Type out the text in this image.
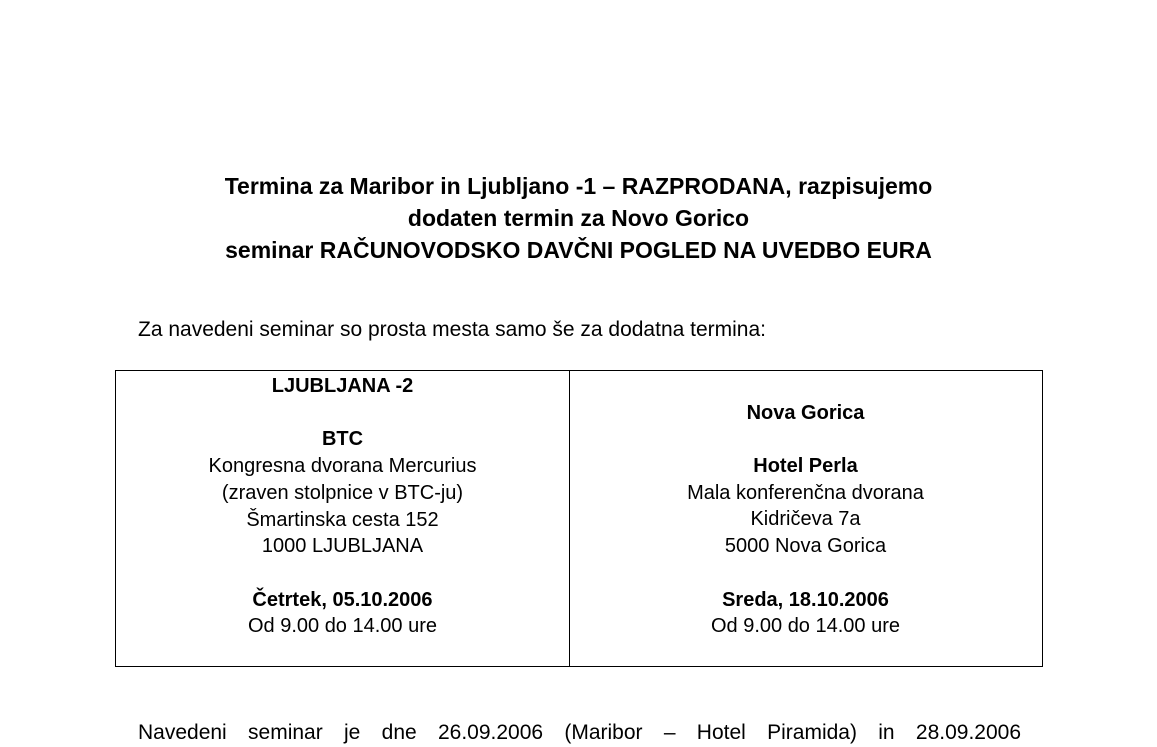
Termina za Maribor in Ljubljano -1 – RAZPRODANA, razpisujemo
dodaten termin za Novo Gorico
seminar RAČUNOVODSKO DAVČNI POGLED NA UVEDBO EURA
Za navedeni seminar so prosta mesta samo še za dodatna termina:
LJUBLJANA -2
BTC
Kongresna dvorana Mercurius
(zraven stolpnice v BTC-ju)
Šmartinska cesta 152
1000 LJUBLJANA
Četrtek, 05.10.2006
Od 9.00 do 14.00 ure
Nova Gorica
Hotel Perla
Mala konferenčna dvorana
Kidričeva 7a
5000 Nova Gorica
Sreda, 18.10.2006
Od 9.00 do 14.00 ure
Navedeni seminar je dne 26.09.2006 (Maribor – Hotel Piramida) in 28.09.2006
